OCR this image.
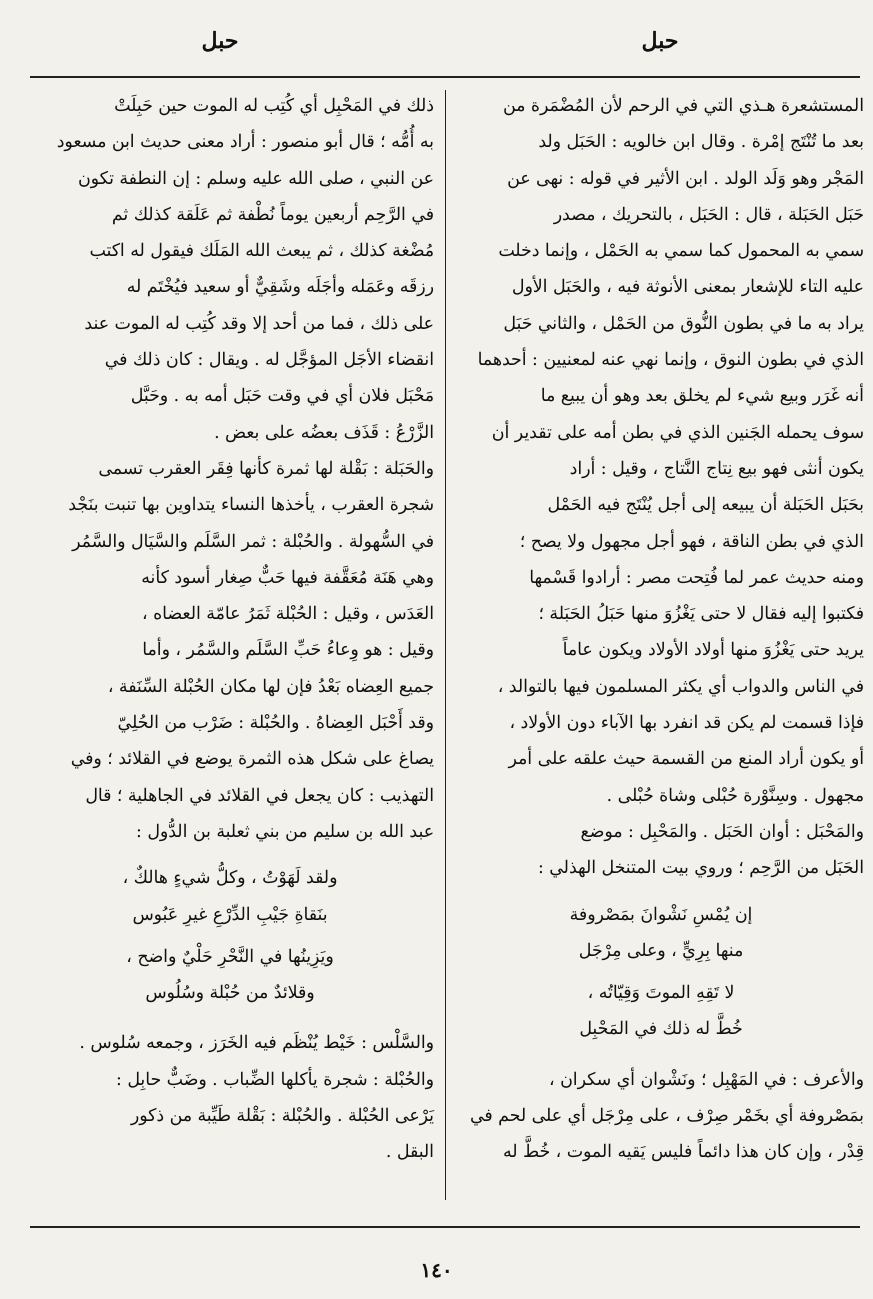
حبل
حبل

المستشعرة هـذي التي في الرحم لأن المُضْمَرة من

بعد ما تُنْتَج إمْرة . وقال ابن خالويه : الحَبَل ولد

المَجْر وهو وَلَد الولد . ابن الأثير في قوله : نهى عن

حَبَل الحَبَلة ، قال : الحَبَل ، بالتحريك ، مصدر

سمي به المحمول كما سمي به الحَمْل ، وإنما دخلت

عليه التاء للإشعار بمعنى الأنوثة فيه ، والحَبَل الأول

يراد به ما في بطون النُّوق من الحَمْل ، والثاني حَبَل

الذي في بطون النوق ، وإنما نهي عنه لمعنيين : أحدهما

أنه غَرَر وبيع شيء لم يخلق بعد وهو أن يبيع ما

سوف يحمله الجَنين الذي في بطن أمه على تقدير أن

يكون أنثى فهو بيع نِتاج النَّتاج ، وقيل : أراد

بحَبَل الحَبَلة أن يبيعه إلى أجل يُنْتَج فيه الحَمْل

الذي في بطن الناقة ، فهو أجل مجهول ولا يصح ؛

ومنه حديث عمر لما فُتِحت مصر : أرادوا قَسْمها

فكتبوا إليه فقال لا حتى يَغْزُوَ منها حَبَلُ الحَبَلة ؛

يريد حتى يَغْزُوَ منها أولاد الأولاد ويكون عاماً

في الناس والدواب أي يكثر المسلمون فيها بالتوالد ،

فإذا قسمت لم يكن قد انفرد بها الآباء دون الأولاد ،

أو يكون أراد المنع من القسمة حيث علقه على أمر

مجهول . وسِنَّوْرة حُبْلى وشاة حُبْلى .

والمَحْبَل : أوان الحَبَل . والمَحْبِل : موضع

الحَبَل من الرَّحِم ؛ وروي بيت المتنخل الهذلي :

إن يُمْسِ نَشْوانَ بمَصْروفة

منها بِرِيٍّ ، وعلى مِرْجَل

لا تَقِهِ الموتَ وَقِيّاتُه ،

خُطَّ له ذلك في المَحْبِل

والأعرف : في المَهْبِل ؛ ونَشْوان أي سكران ،

بمَصْروفة أي بخَمْر صِرْف ، على مِرْجَل أي على لحم في

قِدْر ، وإن كان هذا دائماً فليس يَقيه الموت ، خُطَّ له

ذلك في المَحْبِل أي كُتِب له الموت حين حَبِلَتْ

به أُمُّه ؛ قال أبو منصور : أراد معنى حديث ابن مسعود

عن النبي ، صلى الله عليه وسلم : إن النطفة تكون

في الرَّحِم أربعين يوماً نُطْفة ثم عَلَقة كذلك ثم

مُضْغة كذلك ، ثم يبعث الله المَلَك فيقول له اكتب

رزقَه وعَمَله وأجَلَه وشَقِيٌّ أو سعيد فيُخْتَم له

على ذلك ، فما من أحد إلا وقد كُتِب له الموت عند

انقضاء الأجَل المؤجَّل له . ويقال : كان ذلك في

مَحْبَل فلان أي في وقت حَبَل أمه به . وحَبَّل

الزَّرْعُ : قَذَف بعضُه على بعض .

والحَبَلة : بَقْلة لها ثمرة كأنها فِقَر العقرب تسمى

شجرة العقرب ، يأخذها النساء يتداوين بها تنبت بنَجْد

في السُّهولة . والحُبْلة : ثمر السَّلَم والسَّيَال والسَّمُر

وهي هَنَة مُعَقَّفة فيها حَبٌّ صِغار أسود كأنه

العَدَس ، وقيل : الحُبْلة ثَمَرُ عامّة العضاه ،

وقيل : هو وِعاءُ حَبِّ السَّلَم والسَّمُر ، وأما

جميع العِضاه بَعْدُ فإن لها مكان الحُبْلة السِّنَفة ،

وقد أَحْبَل العِضاهُ . والحُبْلة : ضَرْب من الحُلِيّ

يصاغ على شكل هذه الثمرة يوضع في القلائد ؛ وفي

التهذيب : كان يجعل في القلائد في الجاهلية ؛ قال

عبد الله بن سليم من بني ثعلبة بن الدُّول :

ولقد لَهَوْتُ ، وكلُّ شيءٍ هالكٌ ،

بنَقاةِ جَيْبِ الدِّرْعِ غيرِ عَبُوس

ويَزِينُها في النَّحْرِ حَلْيٌ واضح ،

وقلائدٌ من حُبْلة وسُلُوس

والسَّلْس : خَيْط يُنْظَم فيه الخَرَز ، وجمعه سُلوس .

والحُبْلة : شجرة يأكلها الضِّباب . وضَبٌّ حابِل :

يَرْعى الحُبْلة . والحُبْلة : بَقْلة طَيِّبة من ذكور

البقل .

١٤٠
